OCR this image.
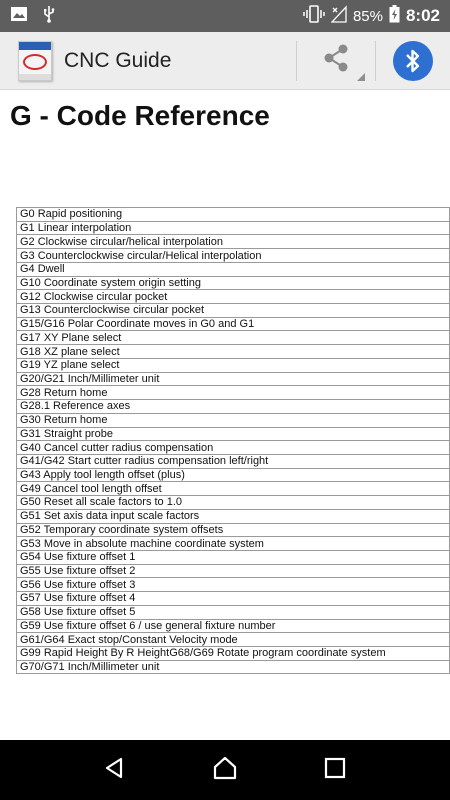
85% 8:02
CNC Guide
G - Code Reference
G0 Rapid positioning
G1 Linear interpolation
G2 Clockwise circular/helical interpolation
G3 Counterclockwise circular/Helical interpolation
G4 Dwell
G10 Coordinate system origin setting
G12 Clockwise circular pocket
G13 Counterclockwise circular pocket
G15/G16 Polar Coordinate moves in G0 and G1
G17 XY Plane select
G18 XZ plane select
G19 YZ plane select
G20/G21 Inch/Millimeter unit
G28 Return home
G28.1 Reference axes
G30 Return home
G31 Straight probe
G40 Cancel cutter radius compensation
G41/G42 Start cutter radius compensation left/right
G43 Apply tool length offset (plus)
G49 Cancel tool length offset
G50 Reset all scale factors to 1.0
G51 Set axis data input scale factors
G52 Temporary coordinate system offsets
G53 Move in absolute machine coordinate system
G54 Use fixture offset 1
G55 Use fixture offset 2
G56 Use fixture offset 3
G57 Use fixture offset 4
G58 Use fixture offset 5
G59 Use fixture offset 6 / use general fixture number
G61/G64 Exact stop/Constant Velocity mode
G99 Rapid Height By R HeightG68/G69 Rotate program coordinate system
G70/G71 Inch/Millimeter unit
